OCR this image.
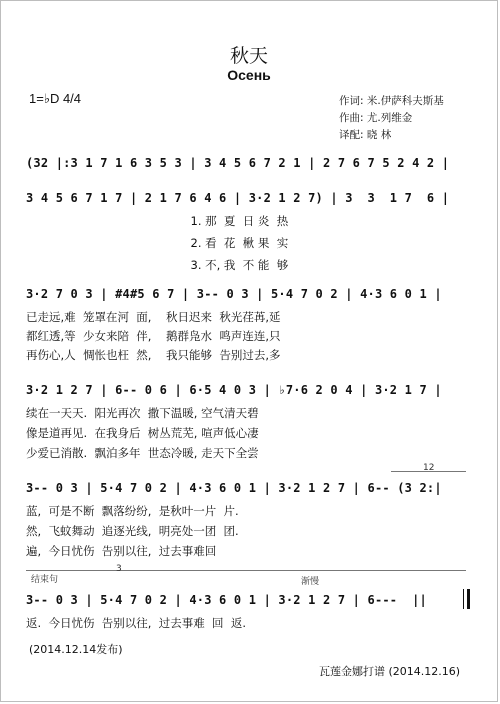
秋天
Осень
1=♭D 4/4	作词: 米.伊萨科夫斯基
作曲: 尤.列维金
译配: 晓 林
(32 |:3 1 7 1 6 3 5 3 | 3 4 5 6 7 2 1 | 2 7 6 7 5 2 4 2 |
3 4 5 6 7 1 7 | 2 1 7 6 4 6 | 3·2 1 2 7) | 3  3  1 7  6 |
1. 那  夏  日 炎  热
2. 看  花  楸 果  实
3. 不, 我  不 能  够
3·2 7 0 3 | #4#5 6 7 | 3-- 0 3 | 5·4 7 0 2 | 4·3 6 0 1 |
已走远,难  笼罩在河  面,    秋日迟来  秋光荏苒,延
都红透,等  少女来陪  伴,    鹅群凫水  鸣声连连,只
再伤心,人  惆怅也枉  然,    我只能够  告别过去,多
3·2 1 2 7 | 6-- 0 6 | 6·5 4 0 3 | ♭7·6 2 0 4 | 3·2 1 7 |
续在一天天.  阳光再次  撒下温暖, 空气清天碧
像是道再见.  在我身后  树丛荒芜, 喧声低心凄
少爱已消散.  飘泊多年  世态冷暖, 走天下全尝
12
3-- 0 3 | 5·4 7 0 2 | 4·3 6 0 1 | 3·2 1 2 7 | 6-- (3 2:|
蓝,  可是不断  飘落纷纷,  是秋叶一片  片.
然,  飞蚊舞动  追逐光线,  明亮处一团  团.
遍,  今日忧伤  告别以往,  过去事难回
结束句
3
渐慢
3-- 0 3 | 5·4 7 0 2 | 4·3 6 0 1 | 3·2 1 2 7 | 6---  ||
返.  今日忧伤  告别以往,  过去事难  回  返.
(2014.12.14发布)
瓦莲金娜打谱 (2014.12.16)
